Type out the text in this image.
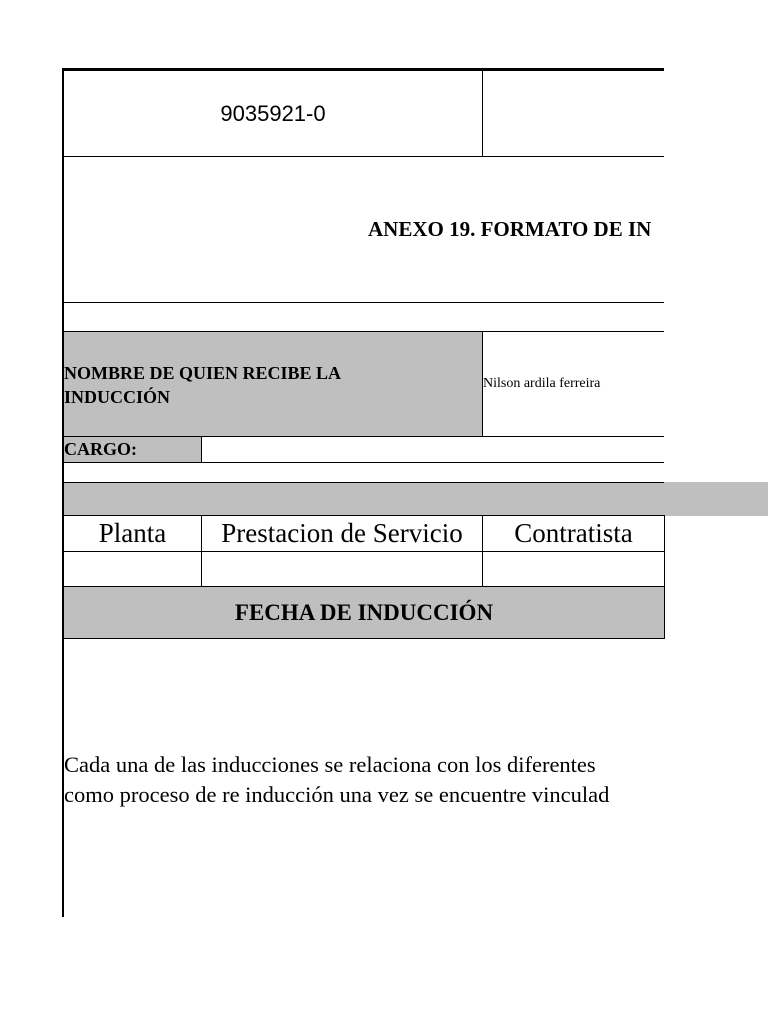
9035921-0
ANEXO 19. FORMATO DE IN
NOMBRE DE QUIEN RECIBE LA
INDUCCIÓN
Nilson ardila ferreira
CARGO:
Planta	Prestacion de Servicio	Contratista
FECHA DE INDUCCIÓN
Cada una de las inducciones se relaciona con los diferentes
como proceso de re inducción una vez se encuentre vinculad
